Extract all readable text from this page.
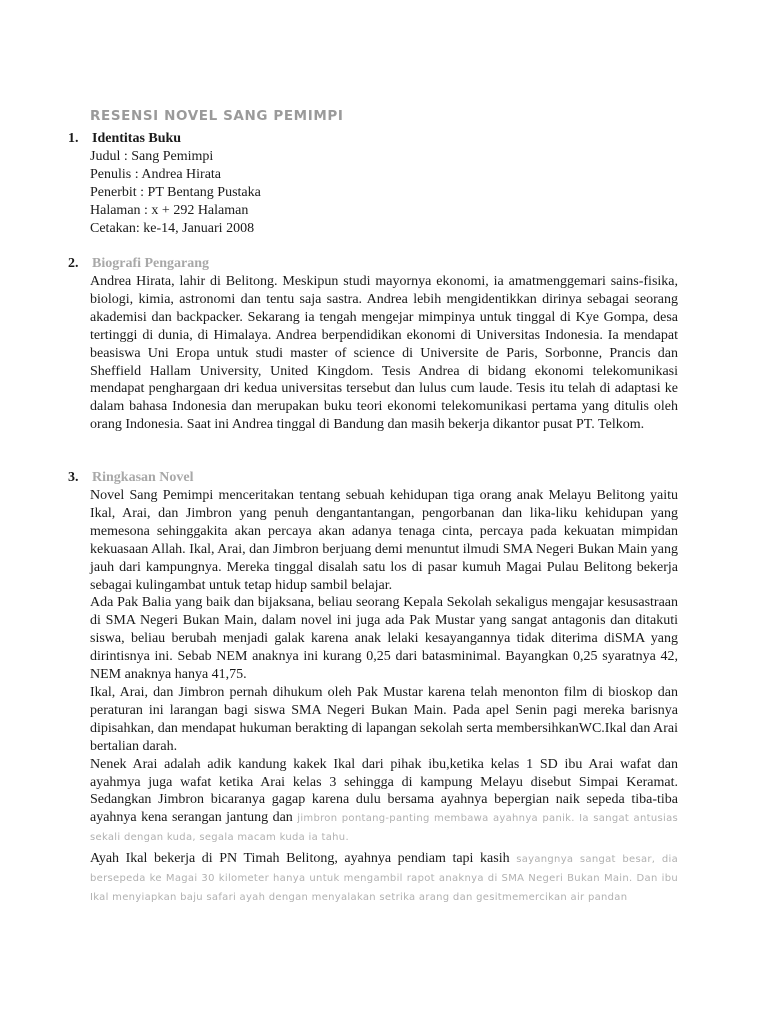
RESENSI NOVEL SANG PEMIMPI
1. Identitas Buku

Judul : Sang Pemimpi

Penulis : Andrea Hirata

Penerbit : PT Bentang Pustaka

Halaman : x + 292 Halaman

Cetakan: ke-14, Januari 2008

2. Biografi Pengarang

Andrea Hirata, lahir di Belitong. Meskipun studi mayornya ekonomi, ia amatmenggemari sains-fisika, biologi, kimia, astronomi dan tentu saja sastra. Andrea lebih mengidentikkan dirinya sebagai seorang akademisi dan backpacker. Sekarang ia tengah mengejar mimpinya untuk tinggal di Kye Gompa, desa tertinggi di dunia, di Himalaya. Andrea berpendidikan ekonomi di Universitas Indonesia. Ia mendapat beasiswa Uni Eropa untuk studi master of science di Universite de Paris, Sorbonne, Prancis dan Sheffield Hallam University, United Kingdom. Tesis Andrea di bidang ekonomi telekomunikasi mendapat penghargaan dri kedua universitas tersebut dan lulus cum laude. Tesis itu telah di adaptasi ke dalam bahasa Indonesia dan merupakan buku teori ekonomi telekomunikasi pertama yang ditulis oleh orang Indonesia. Saat ini Andrea tinggal di Bandung dan masih bekerja dikantor pusat PT. Telkom.

3. Ringkasan Novel

Novel Sang Pemimpi menceritakan tentang sebuah kehidupan tiga orang anak Melayu Belitong yaitu Ikal, Arai, dan Jimbron yang penuh dengantantangan, pengorbanan dan lika-liku kehidupan yang memesona sehinggakita akan percaya akan adanya tenaga cinta, percaya pada kekuatan mimpidan kekuasaan Allah. Ikal, Arai, dan Jimbron berjuang demi menuntut ilmudi SMA Negeri Bukan Main yang jauh dari kampungnya. Mereka tinggal disalah satu los di pasar kumuh Magai Pulau Belitong bekerja sebagai kulingambat untuk tetap hidup sambil belajar.

Ada Pak Balia yang baik dan bijaksana, beliau seorang Kepala Sekolah sekaligus mengajar kesusastraan di SMA Negeri Bukan Main, dalam novel ini juga ada Pak Mustar yang sangat antagonis dan ditakuti siswa, beliau berubah menjadi galak karena anak lelaki kesayangannya tidak diterima diSMA yang dirintisnya ini. Sebab NEM anaknya ini kurang 0,25 dari batasminimal. Bayangkan 0,25 syaratnya 42, NEM anaknya hanya 41,75.

Ikal, Arai, dan Jimbron pernah dihukum oleh Pak Mustar karena telah menonton film di bioskop dan peraturan ini larangan bagi siswa SMA Negeri Bukan Main. Pada apel Senin pagi mereka barisnya dipisahkan, dan mendapat hukuman berakting di lapangan sekolah serta membersihkanWC.Ikal dan Arai bertalian darah.

Nenek Arai adalah adik kandung kakek Ikal dari pihak ibu,ketika kelas 1 SD ibu Arai wafat dan ayahmya juga wafat ketika Arai kelas 3 sehingga di kampung Melayu disebut Simpai Keramat. Sedangkan Jimbron bicaranya gagap karena dulu bersama ayahnya bepergian naik sepeda tiba-tiba ayahnya kena serangan jantung dan jimbron pontang-panting membawa ayahnya panik. Ia sangat antusias sekali dengan kuda, segala macam kuda ia tahu.

Ayah Ikal bekerja di PN Timah Belitong, ayahnya pendiam tapi kasih sayangnya sangat besar, dia bersepeda ke Magai 30 kilometer hanya untuk mengambil rapot anaknya di SMA Negeri Bukan Main. Dan ibu Ikal menyiapkan baju safari ayah dengan menyalakan setrika arang dan gesitmemercikan air pandan
